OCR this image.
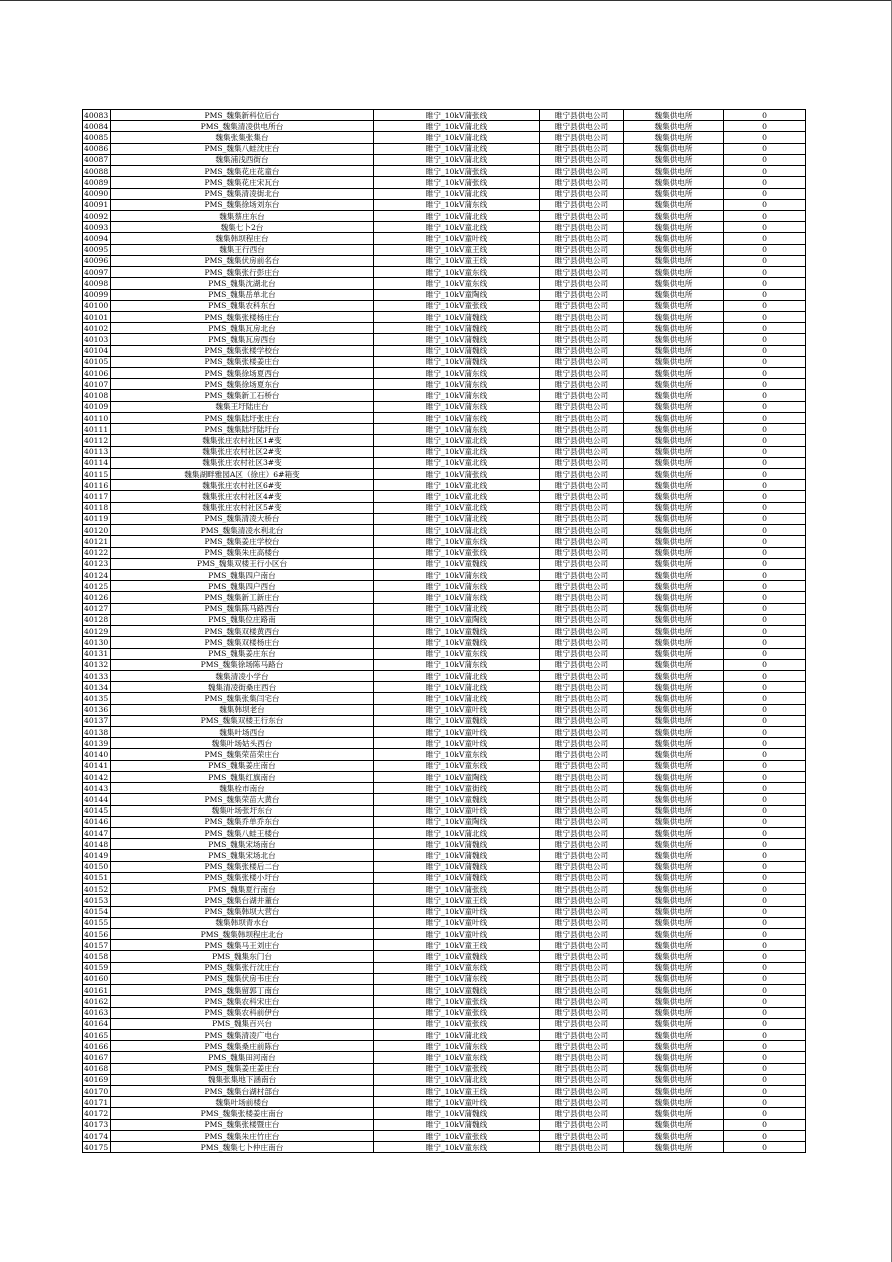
40083	PMS_魏集新科位后台	睢宁_10kV蒲张线	睢宁县供电公司	魏集供电所	0
40084	PMS_魏集清凌供电所台	睢宁_10kV蒲北线	睢宁县供电公司	魏集供电所	0
40085	魏集张集张集台	睢宁_10kV蒲北线	睢宁县供电公司	魏集供电所	0
40086	PMS_魏集八蛙沈庄台	睢宁_10kV蒲北线	睢宁县供电公司	魏集供电所	0
40087	魏集浦浅西街台	睢宁_10kV蒲北线	睢宁县供电公司	魏集供电所	0
40088	PMS_魏集花庄花童台	睢宁_10kV蒲张线	睢宁县供电公司	魏集供电所	0
40089	PMS_魏集花庄宋瓦台	睢宁_10kV蒲张线	睢宁县供电公司	魏集供电所	0
40090	PMS_魏集清凌街北台	睢宁_10kV蒲北线	睢宁县供电公司	魏集供电所	0
40091	PMS_魏集徐场刘东台	睢宁_10kV蒲东线	睢宁县供电公司	魏集供电所	0
40092	魏集蔡庄东台	睢宁_10kV蒲北线	睢宁县供电公司	魏集供电所	0
40093	魏集七卜2台	睢宁_10kV童北线	睢宁县供电公司	魏集供电所	0
40094	魏集韩坝程庄台	睢宁_10kV童叶线	睢宁县供电公司	魏集供电所	0
40095	魏集王行西台	睢宁_10kV童王线	睢宁县供电公司	魏集供电所	0
40096	PMS_魏集伏房前名台	睢宁_10kV童王线	睢宁县供电公司	魏集供电所	0
40097	PMS_魏集张行彭庄台	睢宁_10kV童东线	睢宁县供电公司	魏集供电所	0
40098	PMS_魏集沈湖北台	睢宁_10kV童东线	睢宁县供电公司	魏集供电所	0
40099	PMS_魏集岳单北台	睢宁_10kV童陶线	睢宁县供电公司	魏集供电所	0
40100	PMS_魏集农科东台	睢宁_10kV童张线	睢宁县供电公司	魏集供电所	0
40101	PMS_魏集张楼杨庄台	睢宁_10kV蒲魏线	睢宁县供电公司	魏集供电所	0
40102	PMS_魏集瓦房北台	睢宁_10kV蒲魏线	睢宁县供电公司	魏集供电所	0
40103	PMS_魏集瓦房西台	睢宁_10kV蒲魏线	睢宁县供电公司	魏集供电所	0
40104	PMS_魏集张楼学校台	睢宁_10kV蒲魏线	睢宁县供电公司	魏集供电所	0
40105	PMS_魏集张楼姜庄台	睢宁_10kV蒲魏线	睢宁县供电公司	魏集供电所	0
40106	PMS_魏集徐场夏西台	睢宁_10kV蒲东线	睢宁县供电公司	魏集供电所	0
40107	PMS_魏集徐场夏东台	睢宁_10kV蒲东线	睢宁县供电公司	魏集供电所	0
40108	PMS_魏集新工石桥台	睢宁_10kV蒲东线	睢宁县供电公司	魏集供电所	0
40109	魏集王圩陆庄台	睢宁_10kV蒲东线	睢宁县供电公司	魏集供电所	0
40110	PMS_魏集陆圩张庄台	睢宁_10kV蒲东线	睢宁县供电公司	魏集供电所	0
40111	PMS_魏集陆圩陆圩台	睢宁_10kV蒲东线	睢宁县供电公司	魏集供电所	0
40112	魏集张庄农村社区1#变	睢宁_10kV童北线	睢宁县供电公司	魏集供电所	0
40113	魏集张庄农村社区2#变	睢宁_10kV童北线	睢宁县供电公司	魏集供电所	0
40114	魏集张庄农村社区3#变	睢宁_10kV童北线	睢宁县供电公司	魏集供电所	0
40115	魏集湖畔雅园A区（徐庄）6#箱变	睢宁_10kV蒲张线	睢宁县供电公司	魏集供电所	0
40116	魏集张庄农村社区6#变	睢宁_10kV童北线	睢宁县供电公司	魏集供电所	0
40117	魏集张庄农村社区4#变	睢宁_10kV童北线	睢宁县供电公司	魏集供电所	0
40118	魏集张庄农村社区5#变	睢宁_10kV童北线	睢宁县供电公司	魏集供电所	0
40119	PMS_魏集清凌大桥台	睢宁_10kV蒲北线	睢宁县供电公司	魏集供电所	0
40120	PMS_魏集清凌水利北台	睢宁_10kV蒲北线	睢宁县供电公司	魏集供电所	0
40121	PMS_魏集姜庄学校台	睢宁_10kV童东线	睢宁县供电公司	魏集供电所	0
40122	PMS_魏集朱庄高楼台	睢宁_10kV童张线	睢宁县供电公司	魏集供电所	0
40123	PMS_魏集双楼王行小区台	睢宁_10kV童魏线	睢宁县供电公司	魏集供电所	0
40124	PMS_魏集四户南台	睢宁_10kV蒲东线	睢宁县供电公司	魏集供电所	0
40125	PMS_魏集四户西台	睢宁_10kV蒲东线	睢宁县供电公司	魏集供电所	0
40126	PMS_魏集新工新庄台	睢宁_10kV蒲东线	睢宁县供电公司	魏集供电所	0
40127	PMS_魏集陈马路西台	睢宁_10kV蒲北线	睢宁县供电公司	魏集供电所	0
40128	PMS_魏集位庄路南	睢宁_10kV童陶线	睢宁县供电公司	魏集供电所	0
40129	PMS_魏集双楼黄西台	睢宁_10kV童魏线	睢宁县供电公司	魏集供电所	0
40130	PMS_魏集双楼杨庄台	睢宁_10kV童魏线	睢宁县供电公司	魏集供电所	0
40131	PMS_魏集姜庄东台	睢宁_10kV童东线	睢宁县供电公司	魏集供电所	0
40132	PMS_魏集徐场陈马路台	睢宁_10kV蒲东线	睢宁县供电公司	魏集供电所	0
40133	魏集清凌小学台	睢宁_10kV蒲北线	睢宁县供电公司	魏集供电所	0
40134	魏集清凌街桑庄西台	睢宁_10kV蒲北线	睢宁县供电公司	魏集供电所	0
40135	PMS_魏集张集闫宅台	睢宁_10kV蒲北线	睢宁县供电公司	魏集供电所	0
40136	魏集韩坝老台	睢宁_10kV童叶线	睢宁县供电公司	魏集供电所	0
40137	PMS_魏集双楼王行东台	睢宁_10kV童魏线	睢宁县供电公司	魏集供电所	0
40138	魏集叶场西台	睢宁_10kV童叶线	睢宁县供电公司	魏集供电所	0
40139	魏集叶场姑头西台	睢宁_10kV童叶线	睢宁县供电公司	魏集供电所	0
40140	PMS_魏集荣苗荣庄台	睢宁_10kV童东线	睢宁县供电公司	魏集供电所	0
40141	PMS_魏集姜庄南台	睢宁_10kV童东线	睢宁县供电公司	魏集供电所	0
40142	PMS_魏集红旗南台	睢宁_10kV童陶线	睢宁县供电公司	魏集供电所	0
40143	魏集栓市南台	睢宁_10kV童街线	睢宁县供电公司	魏集供电所	0
40144	PMS_魏集荣苗大黄台	睢宁_10kV童魏线	睢宁县供电公司	魏集供电所	0
40145	魏集叶场张圩东台	睢宁_10kV童叶线	睢宁县供电公司	魏集供电所	0
40146	PMS_魏集乔单乔东台	睢宁_10kV童陶线	睢宁县供电公司	魏集供电所	0
40147	PMS_魏集八蛙王楼台	睢宁_10kV蒲北线	睢宁县供电公司	魏集供电所	0
40148	PMS_魏集宋场南台	睢宁_10kV蒲魏线	睢宁县供电公司	魏集供电所	0
40149	PMS_魏集宋场北台	睢宁_10kV蒲魏线	睢宁县供电公司	魏集供电所	0
40150	PMS_魏集张楼后二台	睢宁_10kV蒲魏线	睢宁县供电公司	魏集供电所	0
40151	PMS_魏集张楼小圩台	睢宁_10kV蒲魏线	睢宁县供电公司	魏集供电所	0
40152	PMS_魏集夏行南台	睢宁_10kV蒲张线	睢宁县供电公司	魏集供电所	0
40153	PMS_魏集台湖井董台	睢宁_10kV童王线	睢宁县供电公司	魏集供电所	0
40154	PMS_魏集韩坝大营台	睢宁_10kV童叶线	睢宁县供电公司	魏集供电所	0
40155	魏集韩坝青水台	睢宁_10kV童叶线	睢宁县供电公司	魏集供电所	0
40156	PMS_魏集韩坝程庄北台	睢宁_10kV童叶线	睢宁县供电公司	魏集供电所	0
40157	PMS_魏集马王刘庄台	睢宁_10kV童王线	睢宁县供电公司	魏集供电所	0
40158	PMS_魏集东门台	睢宁_10kV童魏线	睢宁县供电公司	魏集供电所	0
40159	PMS_魏集张行沈庄台	睢宁_10kV童东线	睢宁县供电公司	魏集供电所	0
40160	PMS_魏集伏房韦庄台	睢宁_10kV蒲东线	睢宁县供电公司	魏集供电所	0
40161	PMS_魏集留郭丁南台	睢宁_10kV童魏线	睢宁县供电公司	魏集供电所	0
40162	PMS_魏集农科宋庄台	睢宁_10kV童张线	睢宁县供电公司	魏集供电所	0
40163	PMS_魏集农科前伊台	睢宁_10kV童张线	睢宁县供电公司	魏集供电所	0
40164	PMS_魏集百兴台	睢宁_10kV童张线	睢宁县供电公司	魏集供电所	0
40165	PMS_魏集清凌广电台	睢宁_10kV蒲北线	睢宁县供电公司	魏集供电所	0
40166	PMS_魏集桑庄前陈台	睢宁_10kV蒲东线	睢宁县供电公司	魏集供电所	0
40167	PMS_魏集田河南台	睢宁_10kV童东线	睢宁县供电公司	魏集供电所	0
40168	PMS_魏集姜庄姜庄台	睢宁_10kV童张线	睢宁县供电公司	魏集供电所	0
40169	魏集张集地下涵南台	睢宁_10kV蒲北线	睢宁县供电公司	魏集供电所	0
40170	PMS_魏集台湖村部台	睢宁_10kV童王线	睢宁县供电公司	魏集供电所	0
40171	魏集叶场前楼台	睢宁_10kV童叶线	睢宁县供电公司	魏集供电所	0
40172	PMS_魏集张楼姜庄南台	睢宁_10kV蒲魏线	睢宁县供电公司	魏集供电所	0
40173	PMS_魏集张楼暨庄台	睢宁_10kV蒲魏线	睢宁县供电公司	魏集供电所	0
40174	PMS_魏集朱庄竹庄台	睢宁_10kV童张线	睢宁县供电公司	魏集供电所	0
40175	PMS_魏集七卜仲庄南台	睢宁_10kV童东线	睢宁县供电公司	魏集供电所	0
